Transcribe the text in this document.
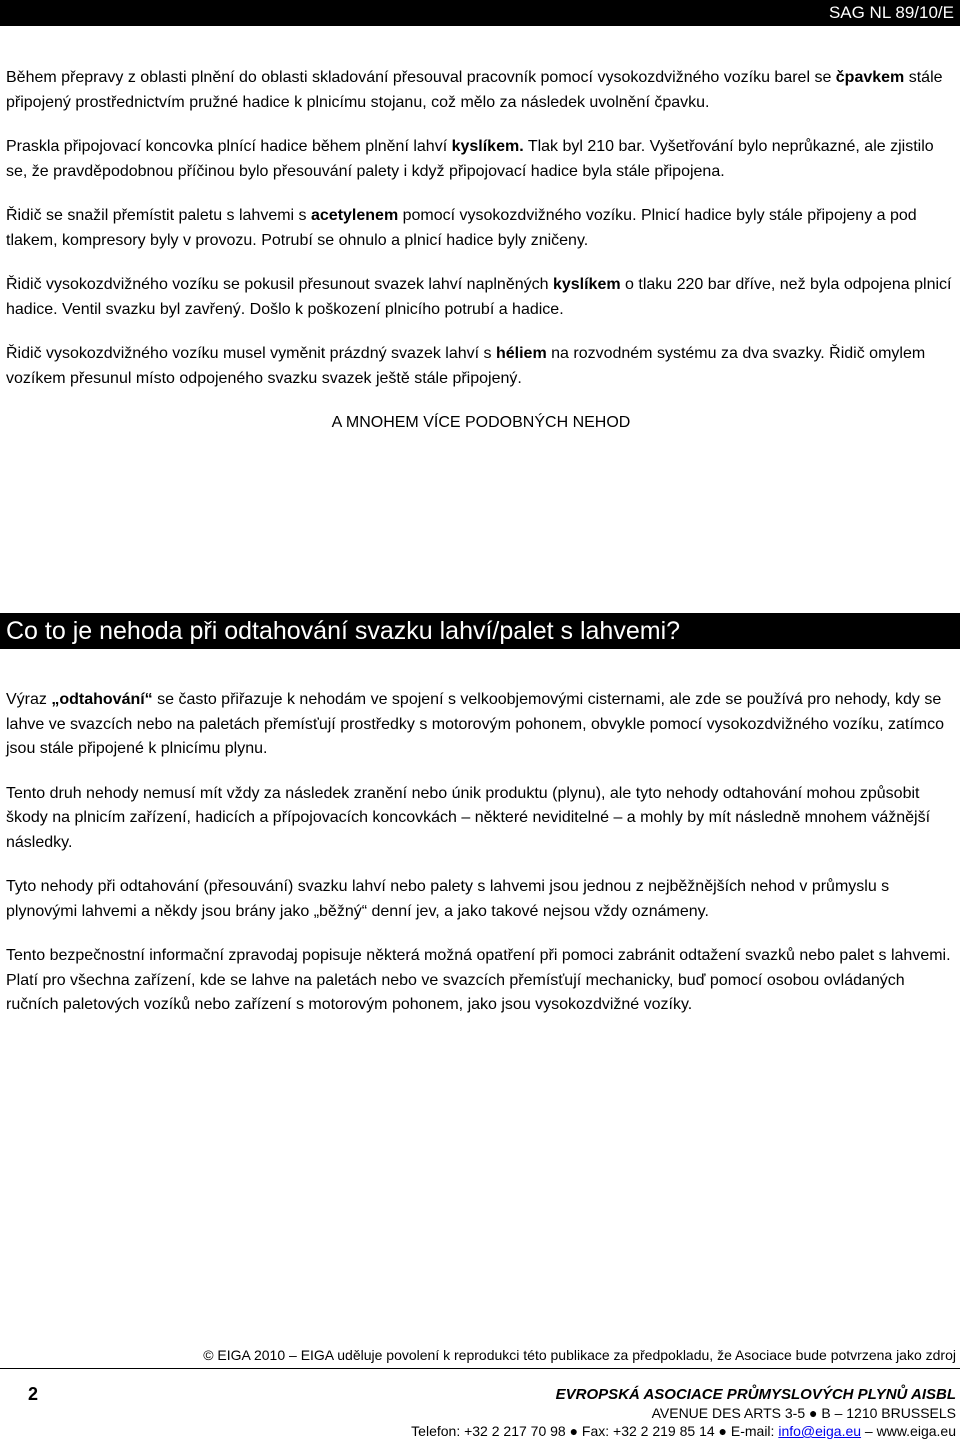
SAG NL 89/10/E

Během přepravy z oblasti plnění do oblasti skladování přesouval pracovník pomocí vysokozdvižného vozíku barel se čpavkem stále připojený prostřednictvím pružné hadice k plnicímu stojanu, což mělo za následek uvolnění čpavku.

Praskla připojovací koncovka plnící hadice během plnění lahví kyslíkem. Tlak byl 210 bar. Vyšetřování bylo neprůkazné, ale zjistilo se, že pravděpodobnou příčinou bylo přesouvání palety i když připojovací hadice byla stále připojena.

Řidič se snažil přemístit paletu s lahvemi s acetylenem pomocí vysokozdvižného vozíku. Plnicí hadice byly stále připojeny a pod tlakem, kompresory byly v provozu. Potrubí se ohnulo a plnicí hadice byly zničeny.

Řidič vysokozdvižného vozíku se pokusil přesunout svazek lahví naplněných kyslíkem o tlaku 220 bar dříve, než byla odpojena plnicí hadice. Ventil svazku byl zavřený. Došlo k poškození plnicího potrubí a hadice.

Řidič vysokozdvižného vozíku musel vyměnit prázdný svazek lahví s héliem na rozvodném systému za dva svazky. Řidič omylem vozíkem přesunul místo odpojeného svazku svazek ještě stále připojený.

A MNOHEM VÍCE PODOBNÝCH NEHOD
Co to je nehoda při odtahování svazku lahví/palet s lahvemi?

Výraz „odtahování“ se často přiřazuje k nehodám ve spojení s velkoobjemovými cisternami, ale zde se používá pro nehody, kdy se lahve ve svazcích nebo na paletách přemísťují prostředky s motorovým pohonem, obvykle pomocí vysokozdvižného vozíku, zatímco jsou stále připojené k plnicímu plynu.

Tento druh nehody nemusí mít vždy za následek zranění nebo únik produktu (plynu), ale tyto nehody odtahování mohou způsobit škody na plnicím zařízení, hadicích a přípojovacích koncovkách – některé neviditelné – a mohly by mít následně mnohem vážnější následky.

Tyto nehody při odtahování (přesouvání) svazku lahví nebo palety s lahvemi jsou jednou z nejběžnějších nehod v průmyslu s plynovými lahvemi a někdy jsou brány jako „běžný“ denní jev, a jako takové nejsou vždy oznámeny.

Tento bezpečnostní informační zpravodaj popisuje některá možná opatření při pomoci zabránit odtažení svazků nebo palet s lahvemi. Platí pro všechna zařízení, kde se lahve na paletách nebo ve svazcích přemísťují mechanicky, buď pomocí osobou ovládaných ručních paletových vozíků nebo zařízení s motorovým pohonem, jako jsou vysokozdvižné vozíky.

© EIGA 2010 – EIGA uděluje povolení k reprodukci této publikace za předpokladu, že Asociace bude potvrzena jako zdroj
2	EVROPSKÁ ASOCIACE PRŮMYSLOVÝCH PLYNŮ AISBL
AVENUE DES ARTS 3-5 ● B – 1210 BRUSSELS
Telefon: +32 2 217 70 98 ● Fax: +32 2 219 85 14 ● E-mail: info@eiga.eu – www.eiga.eu
